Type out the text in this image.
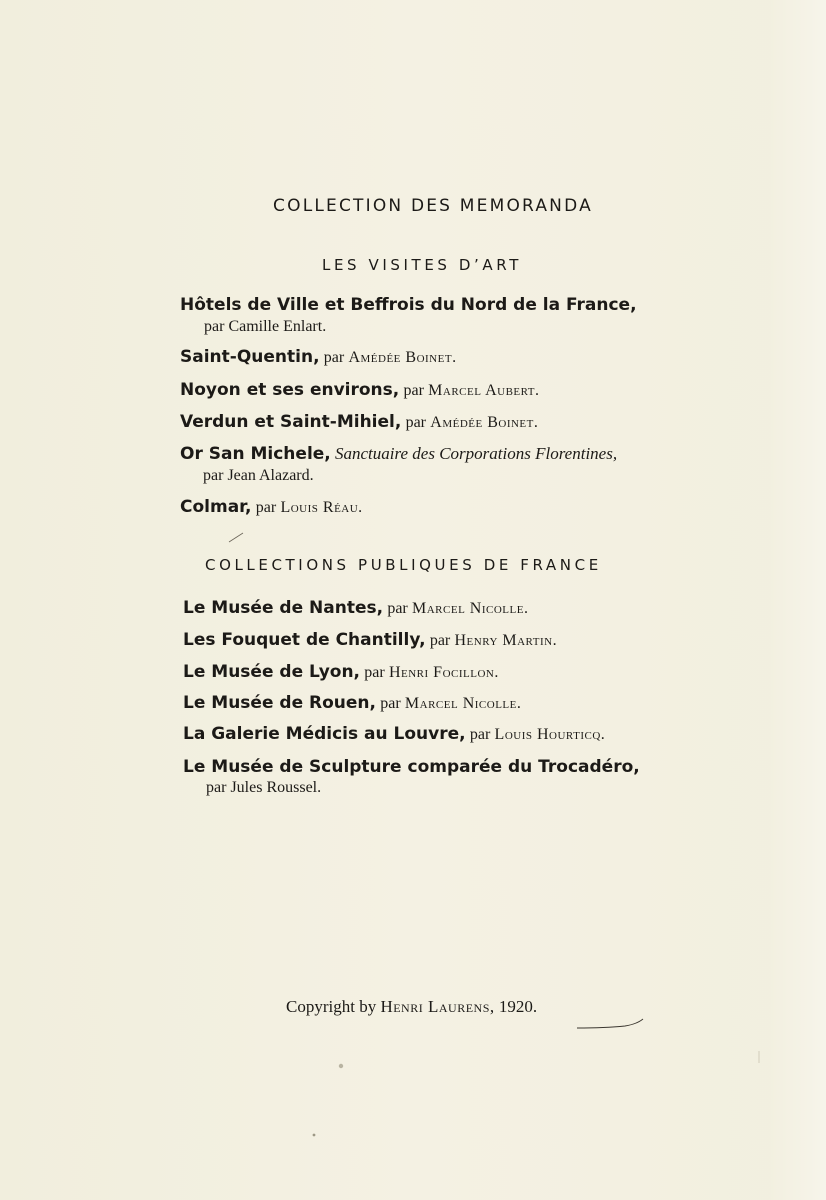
COLLECTION DES MEMORANDA
LES VISITES D’ART
Hôtels de Ville et Beffrois du Nord de la France,
par Camille Enlart.
Saint-Quentin, par Amédée Boinet.
Noyon et ses environs, par Marcel Aubert.
Verdun et Saint-Mihiel, par Amédée Boinet.
Or San Michele, Sanctuaire des Corporations Florentines,
par Jean Alazard.
Colmar, par Louis Réau.
COLLECTIONS PUBLIQUES DE FRANCE
Le Musée de Nantes, par Marcel Nicolle.
Les Fouquet de Chantilly, par Henry Martin.
Le Musée de Lyon, par Henri Focillon.
Le Musée de Rouen, par Marcel Nicolle.
La Galerie Médicis au Louvre, par Louis Hourticq.
Le Musée de Sculpture comparée du Trocadéro,
par Jules Roussel.
Copyright by Henri Laurens, 1920.
